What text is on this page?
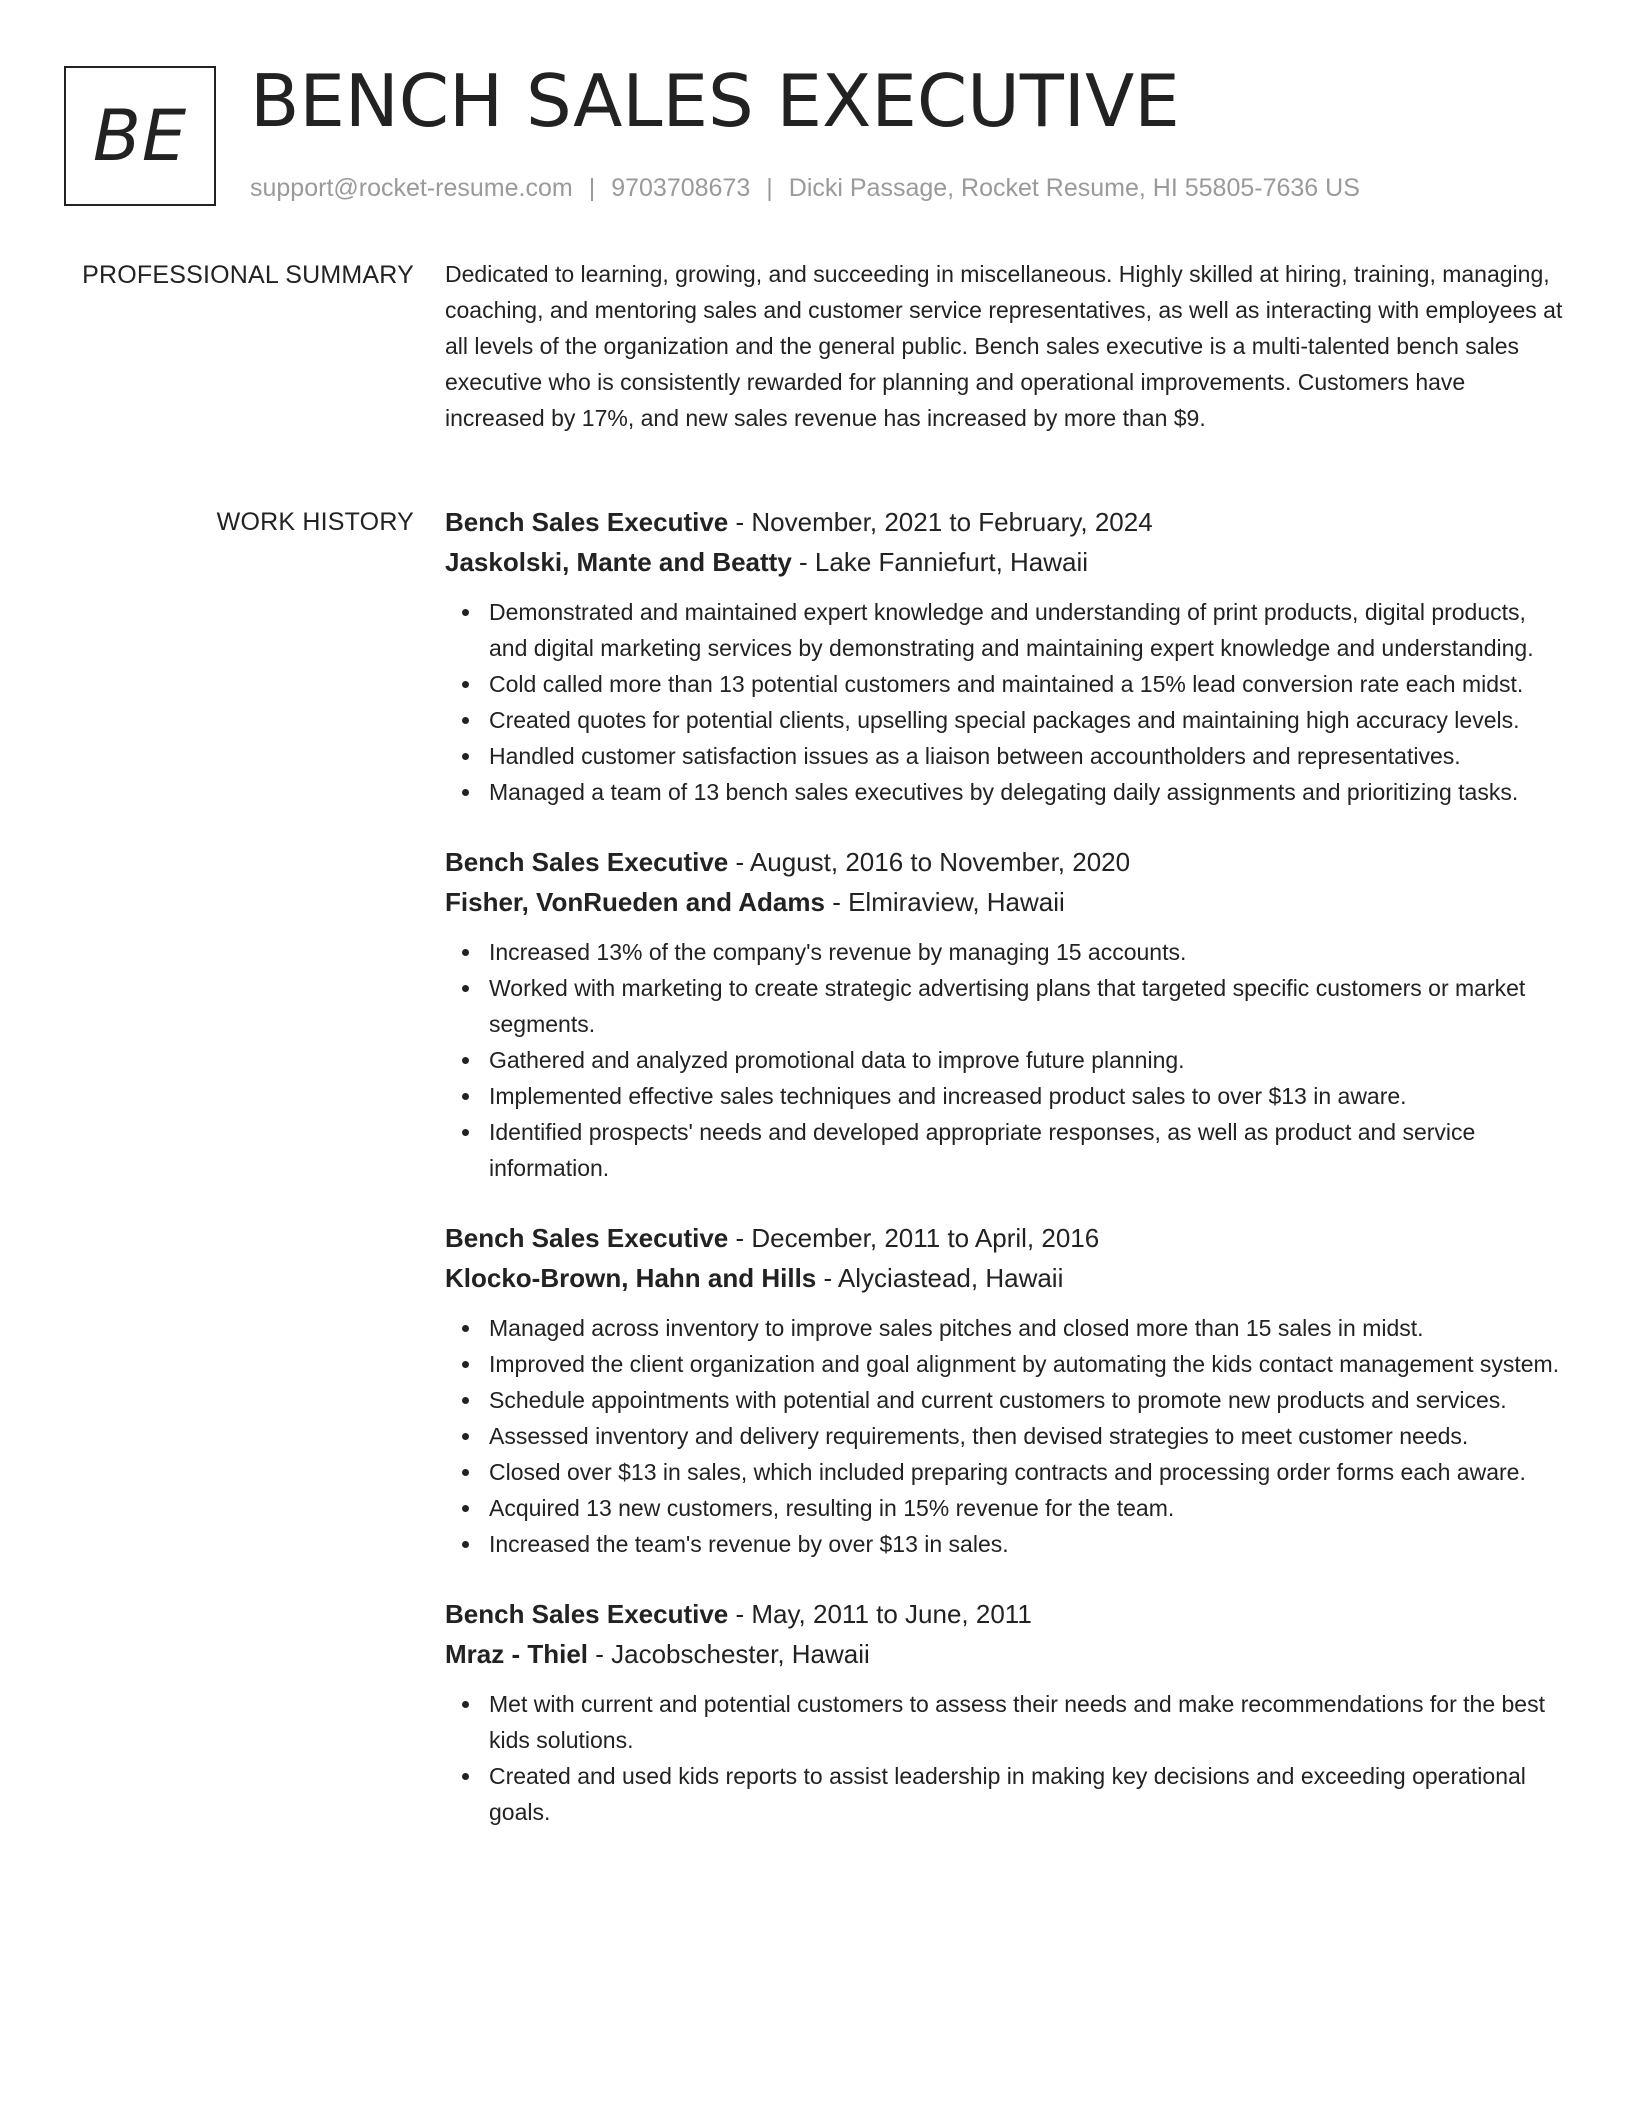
BE BENCH SALES EXECUTIVE
support@rocket-resume.com | 9703708673 | Dicki Passage, Rocket Resume, HI 55805-7636 US
PROFESSIONAL SUMMARY Dedicated to learning, growing, and succeeding in miscellaneous. Highly skilled at hiring, training, managing, coaching, and mentoring sales and customer service representatives, as well as interacting with employees at all levels of the organization and the general public. Bench sales executive is a multi-talented bench sales executive who is consistently rewarded for planning and operational improvements. Customers have increased by 17%, and new sales revenue has increased by more than $9.

WORK HISTORY Bench Sales Executive - November, 2021 to February, 2024
Jaskolski, Mante and Beatty - Lake Fanniefurt, Hawaii
Demonstrated and maintained expert knowledge and understanding of print products, digital products, and digital marketing services by demonstrating and maintaining expert knowledge and understanding.
Cold called more than 13 potential customers and maintained a 15% lead conversion rate each midst.
Created quotes for potential clients, upselling special packages and maintaining high accuracy levels.
Handled customer satisfaction issues as a liaison between accountholders and representatives.
Managed a team of 13 bench sales executives by delegating daily assignments and prioritizing tasks.
Bench Sales Executive - August, 2016 to November, 2020
Fisher, VonRueden and Adams - Elmiraview, Hawaii
Increased 13% of the company's revenue by managing 15 accounts.
Worked with marketing to create strategic advertising plans that targeted specific customers or market segments.
Gathered and analyzed promotional data to improve future planning.
Implemented effective sales techniques and increased product sales to over $13 in aware.
Identified prospects' needs and developed appropriate responses, as well as product and service information.
Bench Sales Executive - December, 2011 to April, 2016
Klocko-Brown, Hahn and Hills - Alyciastead, Hawaii
Managed across inventory to improve sales pitches and closed more than 15 sales in midst.
Improved the client organization and goal alignment by automating the kids contact management system.
Schedule appointments with potential and current customers to promote new products and services.
Assessed inventory and delivery requirements, then devised strategies to meet customer needs.
Closed over $13 in sales, which included preparing contracts and processing order forms each aware.
Acquired 13 new customers, resulting in 15% revenue for the team.
Increased the team's revenue by over $13 in sales.
Bench Sales Executive - May, 2011 to June, 2011
Mraz - Thiel - Jacobschester, Hawaii
Met with current and potential customers to assess their needs and make recommendations for the best kids solutions.
Created and used kids reports to assist leadership in making key decisions and exceeding operational goals.
